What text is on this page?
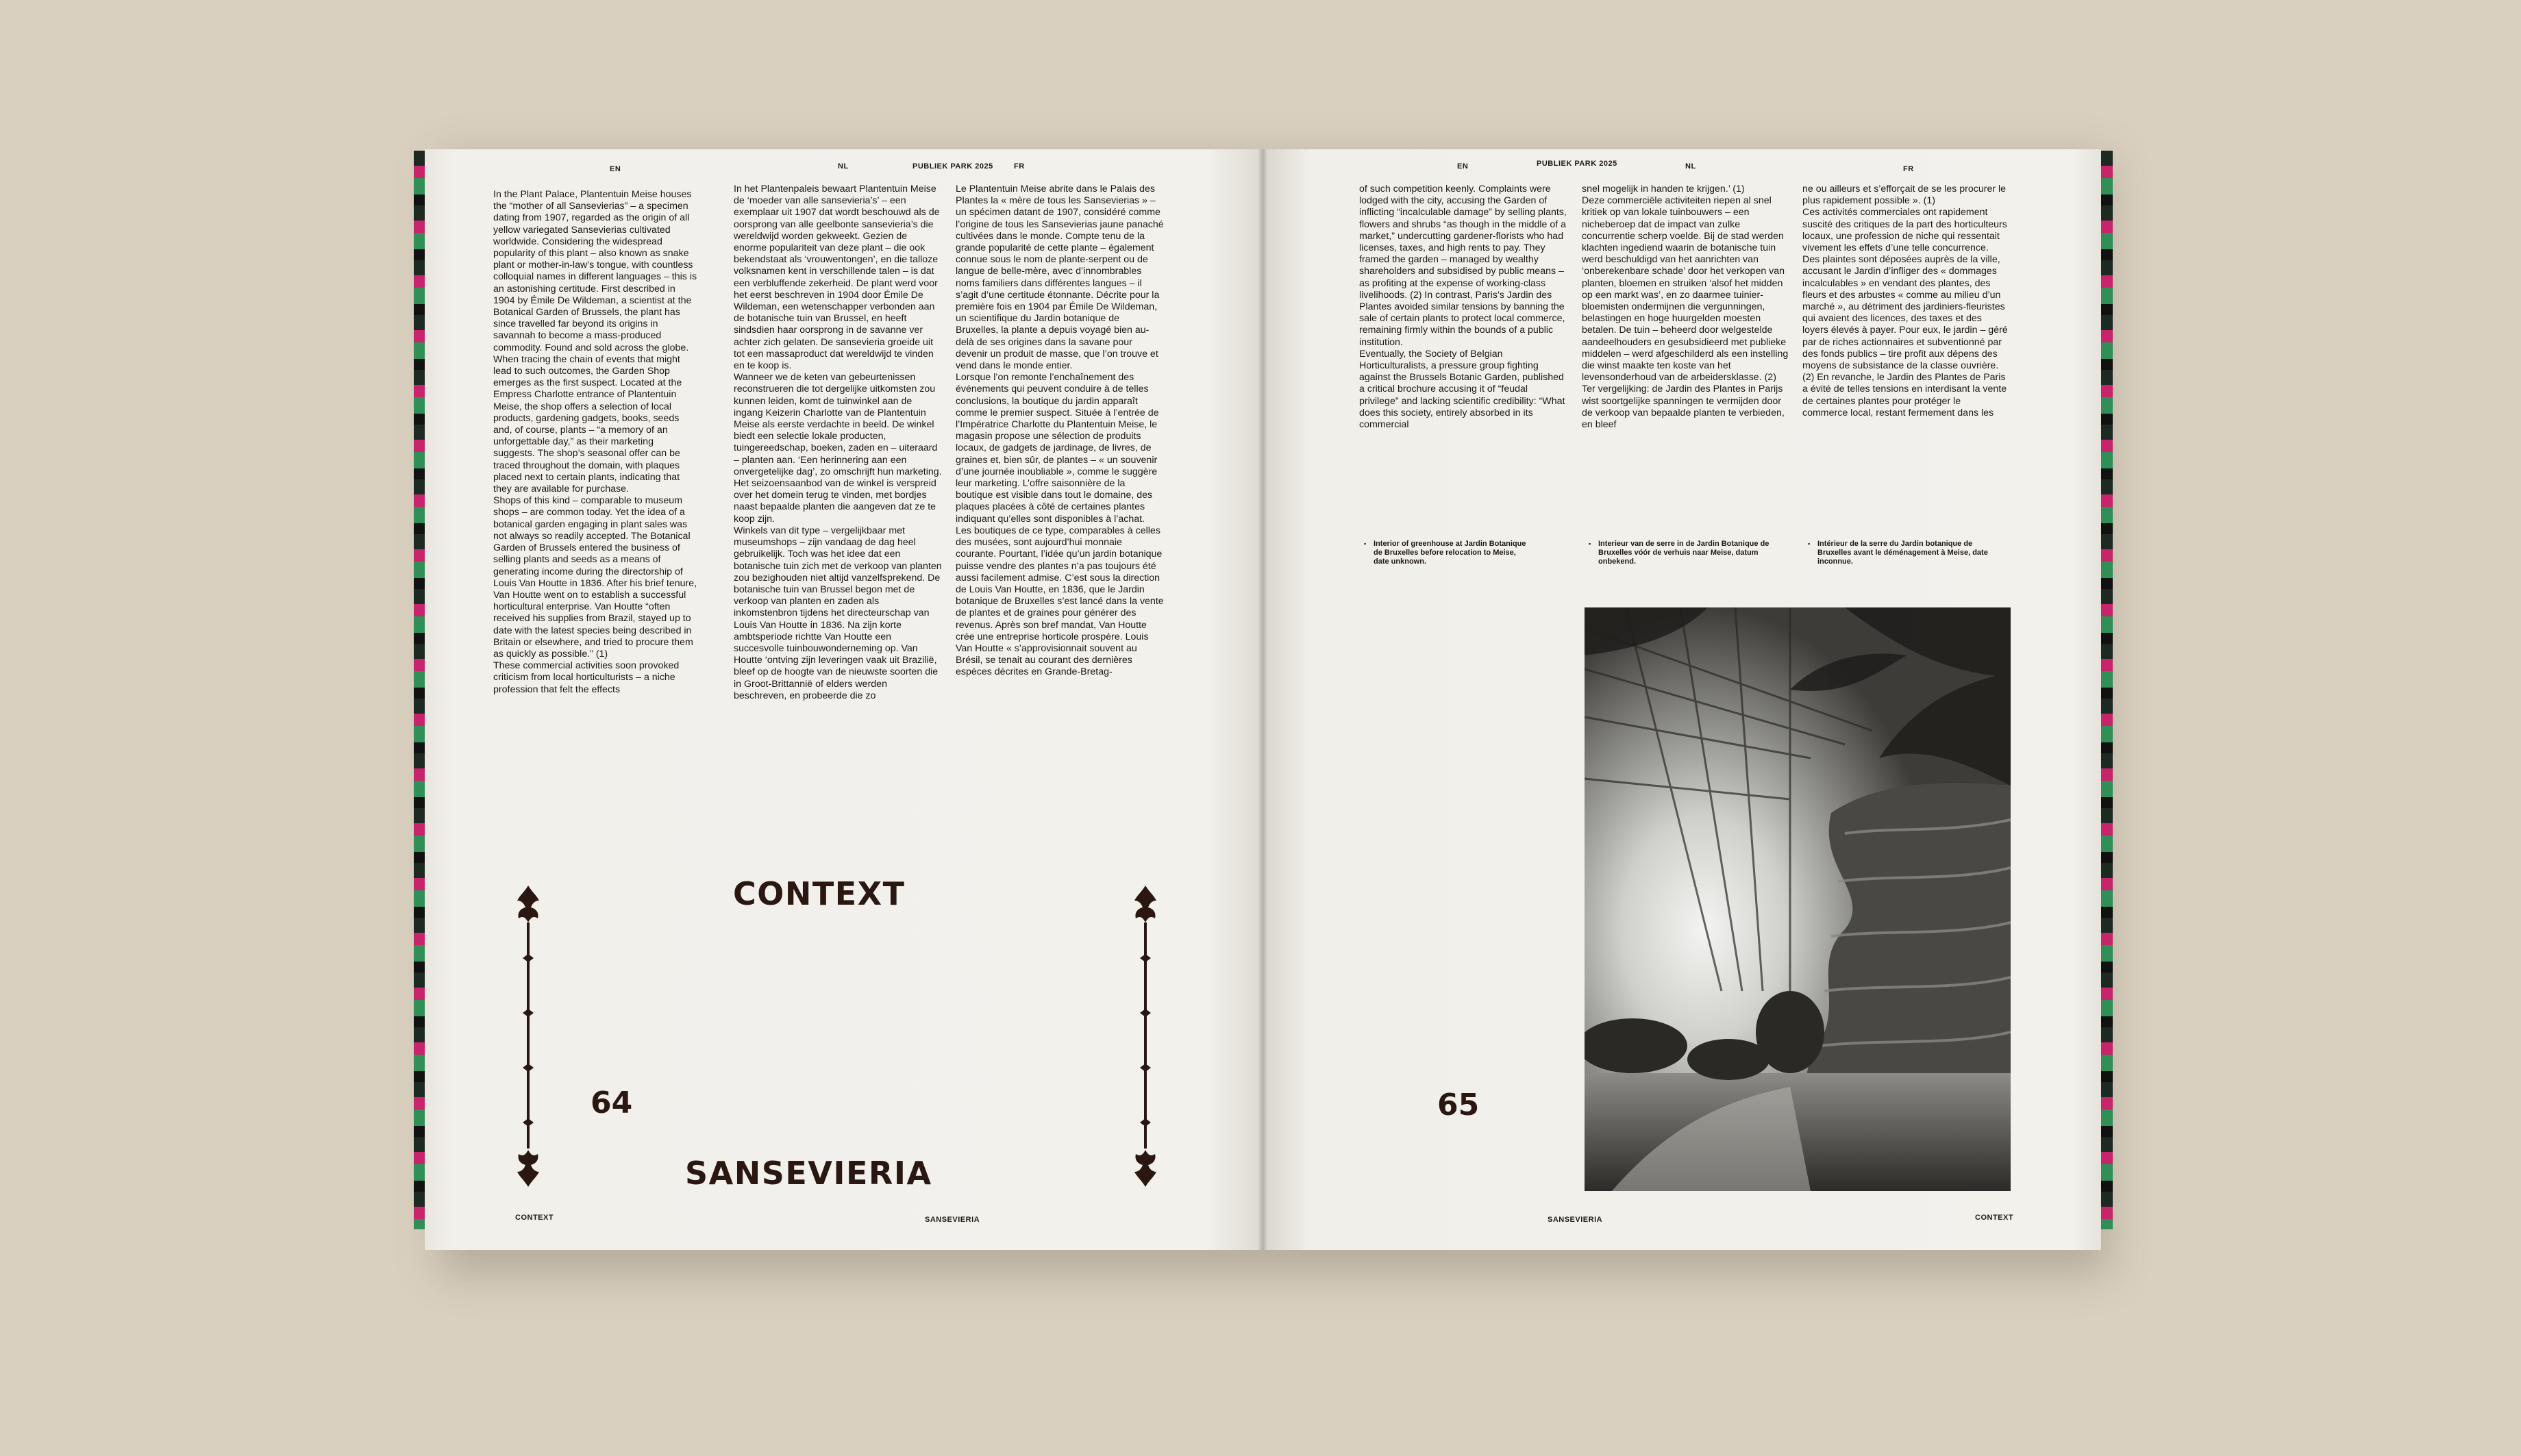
EN	NL	PUBLIEK PARK 2025	FR
In the Plant Palace, Plantentuin Meise houses the “mother of all Sansevierias” – a specimen dating from 1907, regarded as the origin of all yellow variegated Sansevierias cultivated worldwide. Considering the widespread popularity of this plant – also known as snake plant or mother-in-law’s tongue, with countless colloquial names in different languages – this is an astonishing certitude. First described in 1904 by Émile De Wildeman, a scientist at the Botanical Garden of Brussels, the plant has since travelled far beyond its origins in savannah to become a mass-produced commodity. Found and sold across the globe.
When tracing the chain of events that might lead to such outcomes, the Garden Shop emerges as the first suspect. Located at the Empress Charlotte entrance of Plantentuin Meise, the shop offers a selection of local products, gardening gadgets, books, seeds and, of course, plants – “a memory of an unforgettable day,” as their marketing suggests. The shop’s seasonal offer can be traced throughout the domain, with plaques placed next to certain plants, indicating that they are available for purchase.
Shops of this kind – comparable to museum shops – are common today. Yet the idea of a botanical garden engaging in plant sales was not always so readily accepted. The Botanical Garden of Brussels entered the business of selling plants and seeds as a means of generating income during the directorship of Louis Van Houtte in 1836. After his brief tenure, Van Houtte went on to establish a successful horticultural enterprise. Van Houtte “often received his supplies from Brazil, stayed up to date with the latest species being described in Britain or elsewhere, and tried to procure them as quickly as possible.” (1)
These commercial activities soon provoked criticism from local horticulturists – a niche profession that felt the effects
In het Plantenpaleis bewaart Plantentuin Meise de ‘moeder van alle sansevieria’s’ – een exemplaar uit 1907 dat wordt beschouwd als de oorsprong van alle geelbonte sansevieria’s die wereldwijd worden gekweekt. Gezien de enorme populariteit van deze plant – die ook bekendstaat als ‘vrouwentongen’, en die talloze volksnamen kent in verschillende talen – is dat een verbluffende zekerheid. De plant werd voor het eerst beschreven in 1904 door Émile De Wildeman, een wetenschapper verbonden aan de botanische tuin van Brussel, en heeft sindsdien haar oorsprong in de savanne ver achter zich gelaten. De sansevieria groeide uit tot een massaproduct dat wereldwijd te vinden en te koop is.
Wanneer we de keten van gebeurtenissen reconstrueren die tot dergelijke uitkomsten zou kunnen leiden, komt de tuinwinkel aan de ingang Keizerin Charlotte van de Plantentuin Meise als eerste verdachte in beeld. De winkel biedt een selectie lokale producten, tuingereedschap, boeken, zaden en – uiteraard – planten aan. ‘Een herinnering aan een onvergetelijke dag’, zo omschrijft hun marketing. Het seizoensaanbod van de winkel is verspreid over het domein terug te vinden, met bordjes naast bepaalde planten die aangeven dat ze te koop zijn.
Winkels van dit type – vergelijkbaar met museumshops – zijn vandaag de dag heel gebruikelijk. Toch was het idee dat een botanische tuin zich met de verkoop van planten zou bezighouden niet altijd vanzelfsprekend. De botanische tuin van Brussel begon met de verkoop van planten en zaden als inkomstenbron tijdens het directeurschap van Louis Van Houtte in 1836. Na zijn korte ambtsperiode richtte Van Houtte een succesvolle tuinbouwonderneming op. Van Houtte ‘ontving zijn leveringen vaak uit Brazilië, bleef op de hoogte van de nieuwste soorten die in Groot-Brittannië of elders werden beschreven, en probeerde die zo
Le Plantentuin Meise abrite dans le Palais des Plantes la « mère de tous les Sansevierias » – un spécimen datant de 1907, considéré comme l’origine de tous les Sansevierias jaune panaché cultivées dans le monde. Compte tenu de la grande popularité de cette plante – également connue sous le nom de plante-serpent ou de langue de belle-mère, avec d’innombrables noms familiers dans différentes langues – il s’agit d’une certitude étonnante. Décrite pour la première fois en 1904 par Émile De Wildeman, un scientifique du Jardin botanique de Bruxelles, la plante a depuis voyagé bien au-delà de ses origines dans la savane pour devenir un produit de masse, que l’on trouve et vend dans le monde entier.
Lorsque l’on remonte l’enchaînement des événements qui peuvent conduire à de telles conclusions, la boutique du jardin apparaît comme le premier suspect. Située à l’entrée de l’Impératrice Charlotte du Plantentuin Meise, le magasin propose une sélection de produits locaux, de gadgets de jardinage, de livres, de graines et, bien sûr, de plantes – « un souvenir d’une journée inoubliable », comme le suggère leur marketing. L’offre saisonnière de la boutique est visible dans tout le domaine, des plaques placées à côté de certaines plantes indiquant qu’elles sont disponibles à l’achat.
Les boutiques de ce type, comparables à celles des musées, sont aujourd’hui monnaie courante. Pourtant, l’idée qu’un jardin botanique puisse vendre des plantes n’a pas toujours été aussi facilement admise. C’est sous la direction de Louis Van Houtte, en 1836, que le Jardin botanique de Bruxelles s’est lancé dans la vente de plantes et de graines pour générer des revenus. Après son bref mandat, Van Houtte crée une entreprise horticole prospère. Louis Van Houtte « s’approvisionnait souvent au Brésil, se tenait au courant des dernières espèces décrites en Grande-Bretag-
CONTEXT
64
SANSEVIERIA
CONTEXT	SANSEVIERIA
EN	PUBLIEK PARK 2025	NL	FR
of such competition keenly. Complaints were lodged with the city, accusing the Garden of inflicting “incalculable damage” by selling plants, flowers and shrubs “as though in the middle of a market,” undercutting gardener-florists who had licenses, taxes, and high rents to pay. They framed the garden – managed by wealthy shareholders and subsidised by public means – as profiting at the expense of working-class livelihoods. (2) In contrast, Paris’s Jardin des Plantes avoided similar tensions by banning the sale of certain plants to protect local commerce, remaining firmly within the bounds of a public institution.
Eventually, the Society of Belgian Horticulturalists, a pressure group fighting against the Brussels Botanic Garden, published a critical brochure accusing it of “feudal privilege” and lacking scientific credibility: “What does this society, entirely absorbed in its commercial
snel mogelijk in handen te krijgen.’ (1)
Deze commerciële activiteiten riepen al snel kritiek op van lokale tuinbouwers – een nicheberoep dat de impact van zulke concurrentie scherp voelde. Bij de stad werden klachten ingediend waarin de botanische tuin werd beschuldigd van het aanrichten van ‘onberekenbare schade’ door het verkopen van planten, bloemen en struiken ‘alsof het midden op een markt was’, en zo daarmee tuinier-bloemisten ondermijnen die vergunningen, belastingen en hoge huurgelden moesten betalen. De tuin – beheerd door welgestelde aandeelhouders en gesubsidieerd met publieke middelen – werd afgeschilderd als een instelling die winst maakte ten koste van het levensonderhoud van de arbeidersklasse. (2)
Ter vergelijking: de Jardin des Plantes in Parijs wist soortgelijke spanningen te vermijden door de verkoop van bepaalde planten te verbieden, en bleef
ne ou ailleurs et s’efforçait de se les procurer le plus rapidement possible ». (1)
Ces activités commerciales ont rapidement suscité des critiques de la part des horticulteurs locaux, une profession de niche qui ressentait vivement les effets d’une telle concurrence. Des plaintes sont déposées auprès de la ville, accusant le Jardin d’infliger des « dommages incalculables » en vendant des plantes, des fleurs et des arbustes « comme au milieu d’un marché », au détriment des jardiniers-fleuristes qui avaient des licences, des taxes et des loyers élevés à payer. Pour eux, le jardin – géré par de riches actionnaires et subventionné par des fonds publics – tire profit aux dépens des moyens de subsistance de la classe ouvrière. (2) En revanche, le Jardin des Plantes de Paris a évité de telles tensions en interdisant la vente de certaines plantes pour protéger le commerce local, restant fermement dans les
▪ Interior of greenhouse at Jardin Botanique de Bruxelles before relocation to Meise, date unknown.
▪ Interieur van de serre in de Jardin Botanique de Bruxelles vóór de verhuis naar Meise, datum onbekend.
▪ Intérieur de la serre du Jardin botanique de Bruxelles avant le déménagement à Meise, date inconnue.
65
SANSEVIERIA	CONTEXT
